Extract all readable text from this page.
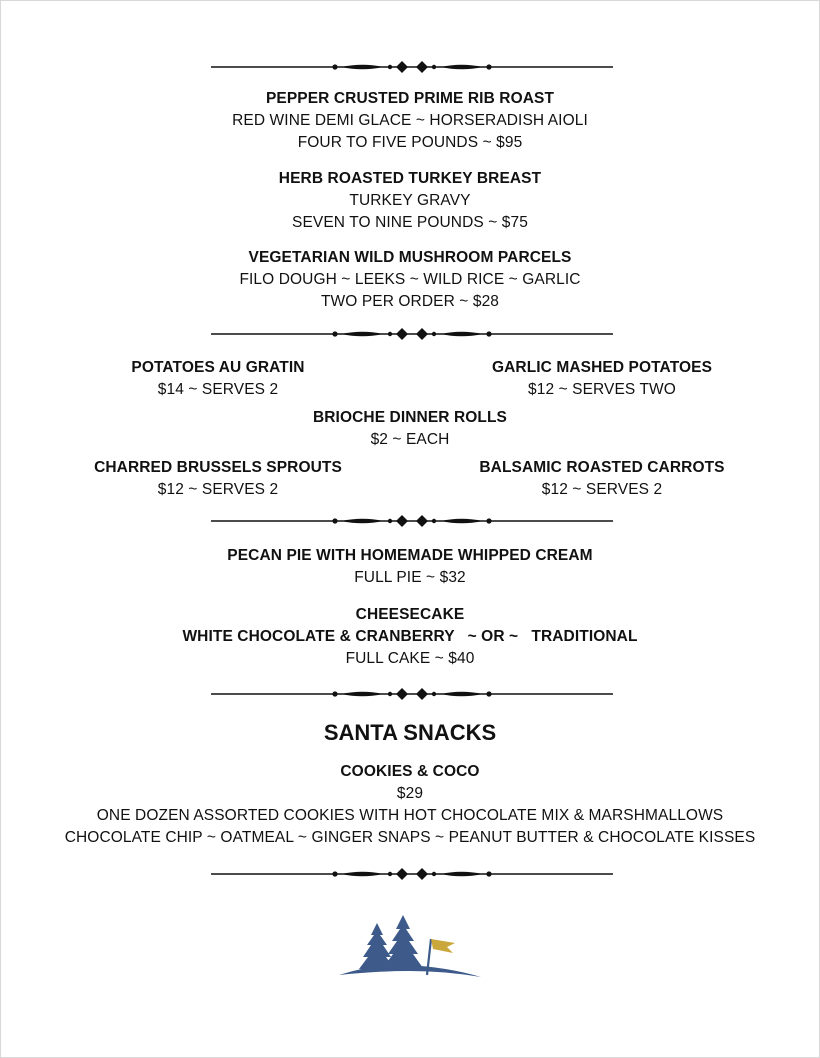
PEPPER CRUSTED PRIME RIB ROAST
RED WINE DEMI GLACE ~ HORSERADISH AIOLI
FOUR TO FIVE POUNDS ~ $95
HERB ROASTED TURKEY BREAST
TURKEY GRAVY
SEVEN TO NINE POUNDS ~ $75
VEGETARIAN WILD MUSHROOM PARCELS
FILO DOUGH ~ LEEKS ~ WILD RICE ~ GARLIC
TWO PER ORDER ~ $28
POTATOES AU GRATIN
$14 ~ SERVES 2
GARLIC MASHED POTATOES
$12 ~ SERVES TWO
BRIOCHE DINNER ROLLS
$2 ~ EACH
CHARRED BRUSSELS SPROUTS
$12 ~ SERVES 2
BALSAMIC ROASTED CARROTS
$12 ~ SERVES 2
PECAN PIE WITH HOMEMADE WHIPPED CREAM
FULL PIE ~ $32
CHEESECAKE
WHITE CHOCOLATE & CRANBERRY   ~ OR ~   TRADITIONAL
FULL CAKE ~ $40
SANTA SNACKS
COOKIES & COCO
$29
ONE DOZEN ASSORTED COOKIES WITH HOT CHOCOLATE MIX & MARSHMALLOWS
CHOCOLATE CHIP ~ OATMEAL ~ GINGER SNAPS ~ PEANUT BUTTER & CHOCOLATE KISSES
